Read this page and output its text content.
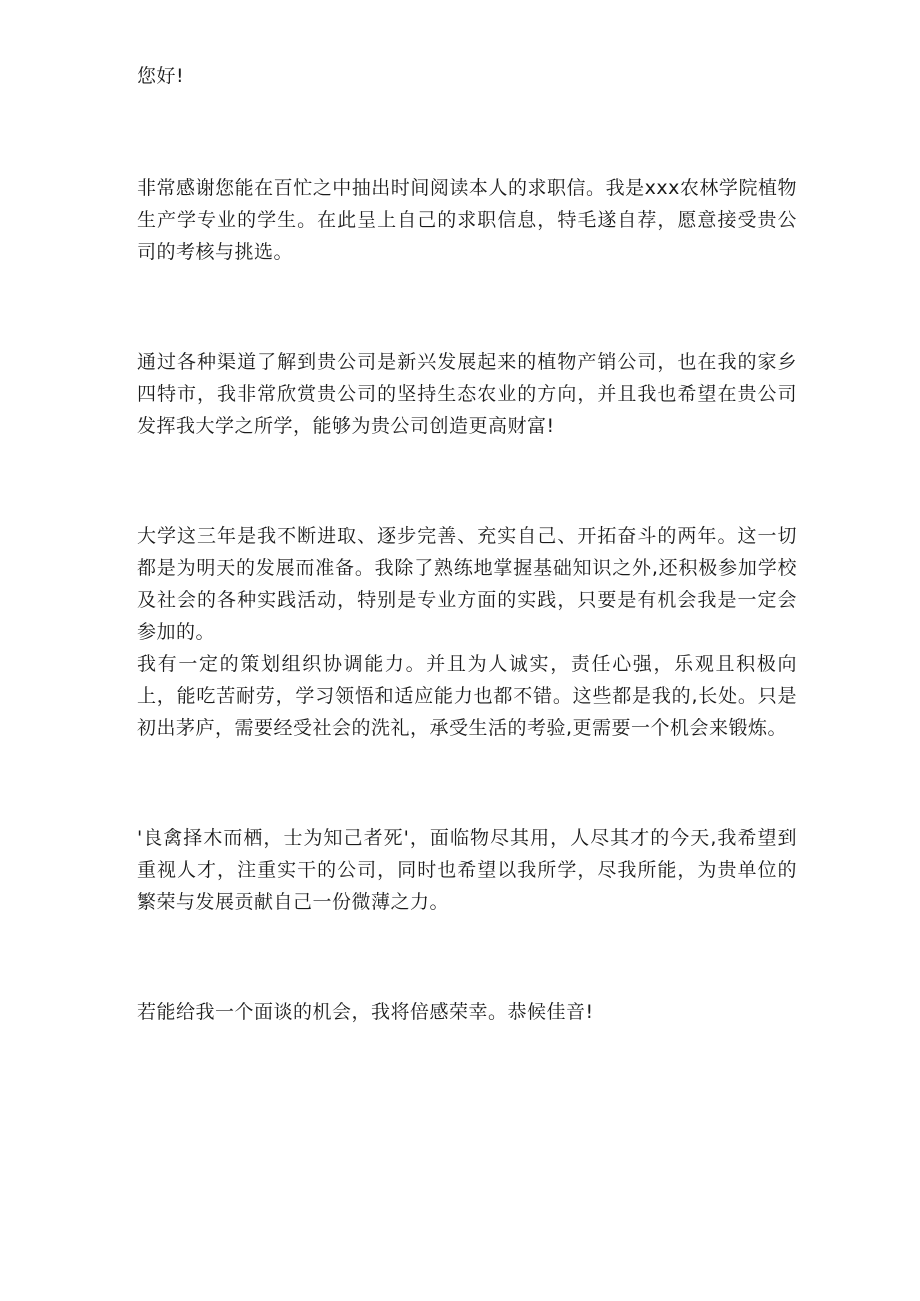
您好!

非常感谢您能在百忙之中抽出时间阅读本人的求职信。我是xxx农林学院植物生产学专业的学生。在此呈上自己的求职信息，特毛遂自荐，愿意接受贵公司的考核与挑选。

通过各种渠道了解到贵公司是新兴发展起来的植物产销公司，也在我的家乡四特市，我非常欣赏贵公司的坚持生态农业的方向，并且我也希望在贵公司发挥我大学之所学，能够为贵公司创造更高财富!

大学这三年是我不断进取、逐步完善、充实自己、开拓奋斗的两年。这一切都是为明天的发展而准备。我除了熟练地掌握基础知识之外,还积极参加学校及社会的各种实践活动，特别是专业方面的实践，只要是有机会我是一定会参加的。

我有一定的策划组织协调能力。并且为人诚实，责任心强，乐观且积极向上，能吃苦耐劳，学习领悟和适应能力也都不错。这些都是我的,长处。只是初出茅庐，需要经受社会的洗礼，承受生活的考验,更需要一个机会来锻炼。

'良禽择木而栖，士为知己者死'，面临物尽其用，人尽其才的今天,我希望到重视人才，注重实干的公司，同时也希望以我所学，尽我所能，为贵单位的繁荣与发展贡献自己一份微薄之力。

若能给我一个面谈的机会，我将倍感荣幸。恭候佳音!
